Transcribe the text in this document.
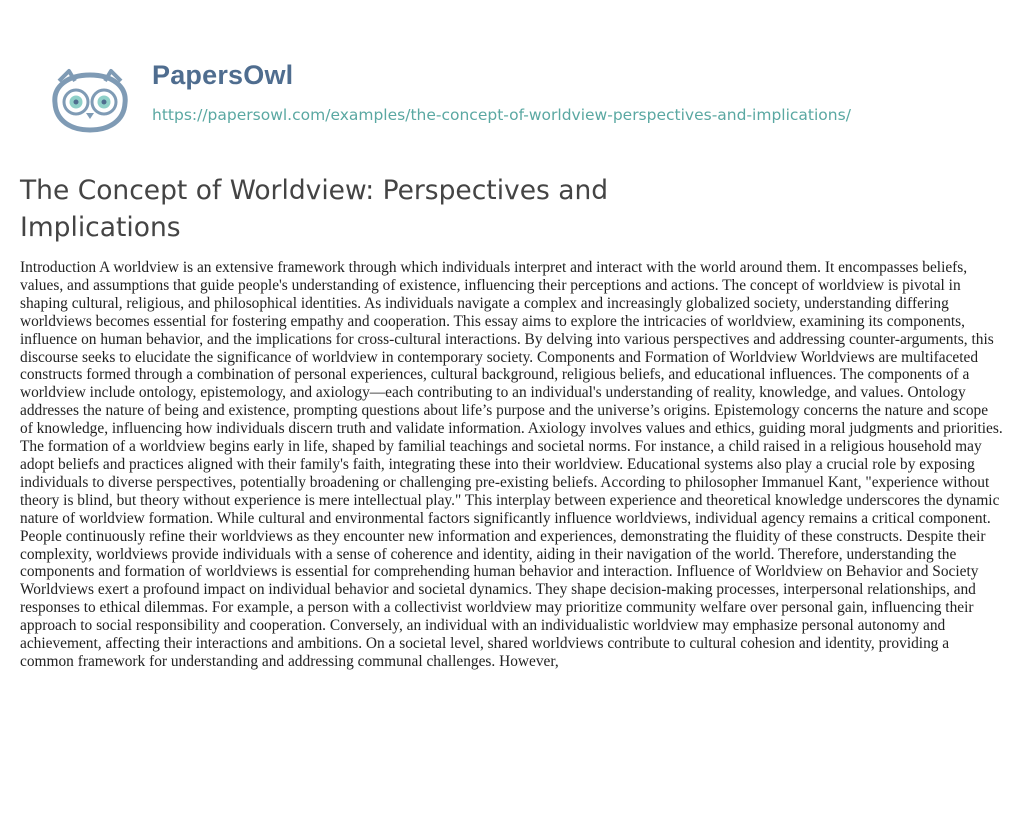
PapersOwl
https://papersowl.com/examples/the-concept-of-worldview-perspectives-and-implications/
The Concept of Worldview: Perspectives and Implications

Introduction A worldview is an extensive framework through which individuals interpret and interact with the world around them. It encompasses beliefs, values, and assumptions that guide people's understanding of existence, influencing their perceptions and actions. The concept of worldview is pivotal in shaping cultural, religious, and philosophical identities. As individuals navigate a complex and increasingly globalized society, understanding differing worldviews becomes essential for fostering empathy and cooperation. This essay aims to explore the intricacies of worldview, examining its components, influence on human behavior, and the implications for cross-cultural interactions. By delving into various perspectives and addressing counter-arguments, this discourse seeks to elucidate the significance of worldview in contemporary society. Components and Formation of Worldview Worldviews are multifaceted constructs formed through a combination of personal experiences, cultural background, religious beliefs, and educational influences. The components of a worldview include ontology, epistemology, and axiology—each contributing to an individual's understanding of reality, knowledge, and values. Ontology addresses the nature of being and existence, prompting questions about life’s purpose and the universe’s origins. Epistemology concerns the nature and scope of knowledge, influencing how individuals discern truth and validate information. Axiology involves values and ethics, guiding moral judgments and priorities. The formation of a worldview begins early in life, shaped by familial teachings and societal norms. For instance, a child raised in a religious household may adopt beliefs and practices aligned with their family's faith, integrating these into their worldview. Educational systems also play a crucial role by exposing individuals to diverse perspectives, potentially broadening or challenging pre-existing beliefs. According to philosopher Immanuel Kant, "experience without theory is blind, but theory without experience is mere intellectual play." This interplay between experience and theoretical knowledge underscores the dynamic nature of worldview formation. While cultural and environmental factors significantly influence worldviews, individual agency remains a critical component. People continuously refine their worldviews as they encounter new information and experiences, demonstrating the fluidity of these constructs. Despite their complexity, worldviews provide individuals with a sense of coherence and identity, aiding in their navigation of the world. Therefore, understanding the components and formation of worldviews is essential for comprehending human behavior and interaction. Influence of Worldview on Behavior and Society Worldviews exert a profound impact on individual behavior and societal dynamics. They shape decision-making processes, interpersonal relationships, and responses to ethical dilemmas. For example, a person with a collectivist worldview may prioritize community welfare over personal gain, influencing their approach to social responsibility and cooperation. Conversely, an individual with an individualistic worldview may emphasize personal autonomy and achievement, affecting their interactions and ambitions. On a societal level, shared worldviews contribute to cultural cohesion and identity, providing a common framework for understanding and addressing communal challenges. However,
